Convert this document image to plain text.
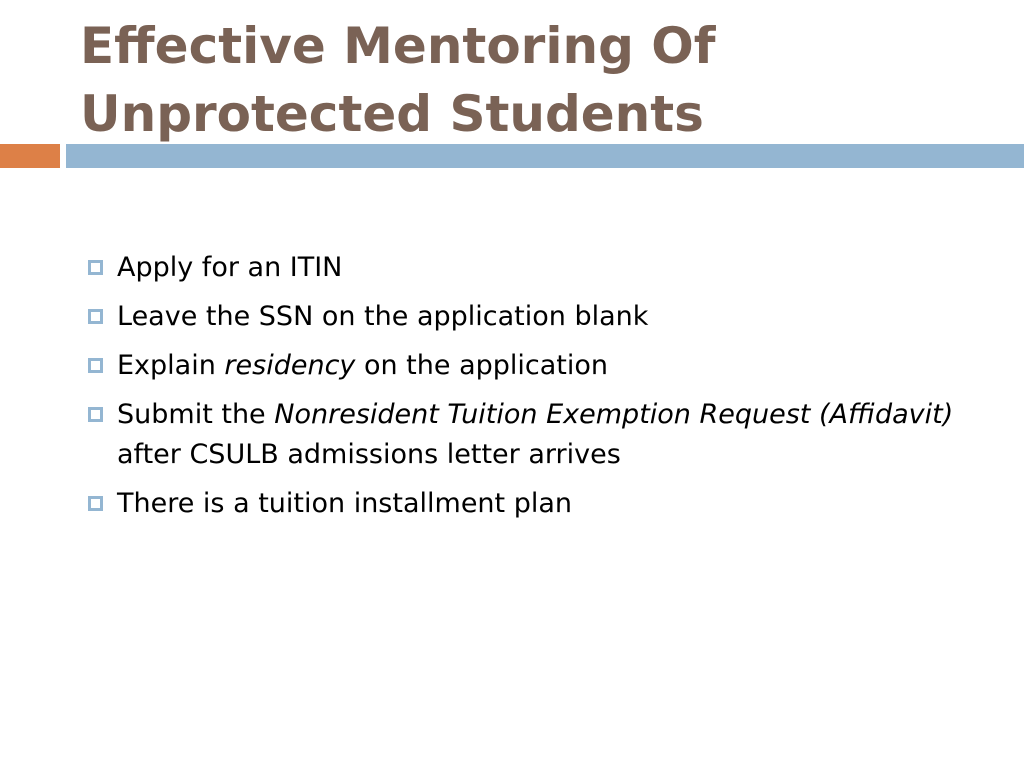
Effective Mentoring Of
Unprotected Students
Apply for an ITIN
Leave the SSN on the application blank
Explain residency on the application
Submit the Nonresident Tuition Exemption Request (Affidavit) after CSULB admissions letter arrives
There is a tuition installment plan
